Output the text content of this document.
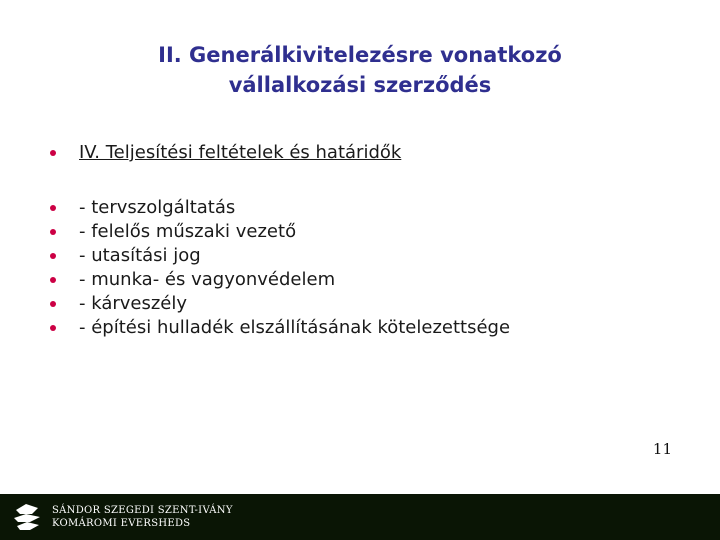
II. Generálkivitelezésre vonatkozó
vállalkozási szerződés
IV. Teljesítési feltételek és határidők
- tervszolgáltatás
- felelős műszaki vezető
- utasítási jog
- munka- és vagyonvédelem
- kárveszély
- építési hulladék elszállításának kötelezettsége
11
SÁNDOR SZEGEDI SZENT-IVÁNY
KOMÁROMI EVERSHEDS
